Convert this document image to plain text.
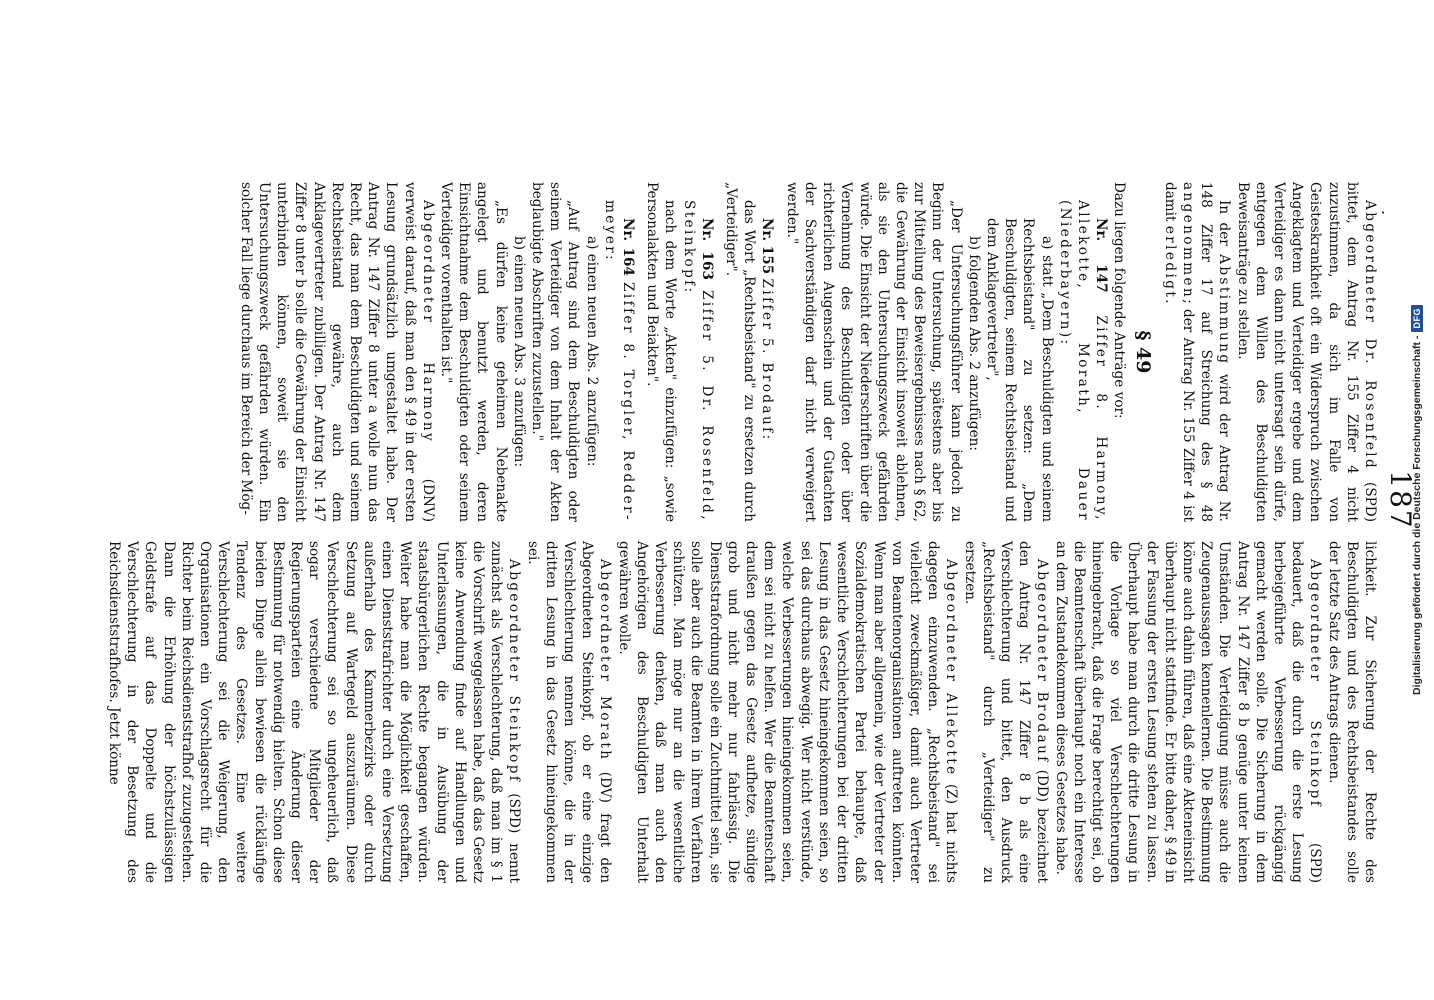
.
187

Abgeordneter Dr. Rosenfeld (SPD) bittet, dem Antrag Nr. 155 Ziffer 4 nicht zuzustimmen, da sich im Falle von Geisteskrankheit oft ein Widerspruch zwischen Angeklagtem und Verteidiger ergebe und dem Verteidiger es dann nicht untersagt sein dürfe, entgegen dem Willen des Beschuldigten Beweisanträge zu stellen.

In der Abstimmung wird der Antrag Nr. 148 Ziffer 17 auf Streichung des § 48 angenommen; der Antrag Nr. 155 Ziffer 4 ist damit erledigt.

§ 49

Dazu liegen folgende Anträge vor:

Nr. 147 Ziffer 8. Harmony, Allekotte, Morath, Dauer (Niederbayern):

a) statt „Dem Beschuldigten und seinem Rechtsbeistand" zu setzen: „Dem Beschuldigten, seinem Rechtsbeistand und dem Anklagevertreter",

b) folgenden Abs. 2 anzufügen:

„Der Untersuchungsführer kann jedoch zu Beginn der Untersuchung, spätestens aber bis zur Mitteilung des Beweisergebnisses nach § 62, die Gewährung der Einsicht insoweit ablehnen, als sie den Untersuchungszweck gefährden würde. Die Einsicht der Niederschriften über die Vernehmung des Beschuldigten oder über richterlichen Augenschein und der Gutachten der Sachverständigen darf nicht verweigert werden."

Nr. 155 Ziffer 5. Brodauf:

das Wort „Rechtsbeistand" zu ersetzen durch „Verteidiger".

Nr. 163 Ziffer 5. Dr. Rosenfeld, Steinkopf:

nach dem Worte „Akten" einzufügen: „sowie Personalakten und Beiakten".

Nr. 164 Ziffer 8. Torgler, Redder-meyer:

a) einen neuen Abs. 2 anzufügen:

„Auf Antrag sind dem Beschuldigten oder seinem Verteidiger von dem Inhalt der Akten beglaubigte Abschriften zuzustellen."

b) einen neuen Abs. 3 anzufügen:

„Es dürfen keine geheimen Nebenakte angelegt und benutzt werden, deren Einsichtnahme dem Beschuldigten oder seinem Verteidiger vorenthalten ist."

Abgeordneter Harmony (DNV) verweist darauf, daß man den § 49 in der ersten Lesung grundsätzlich umgestaltet habe. Der Antrag Nr. 147 Ziffer 8 unter a wolle nun das Recht, das man dem Beschuldigten und seinem Rechtsbeistand gewähre, auch dem Anklagevertreter zubilligen. Der Antrag Nr. 147 Ziffer 8 unter b solle die Gewährung der Einsicht unterbinden können, soweit sie den Untersuchungszweck gefährden würden. Ein solcher Fall liege durchaus im Bereich der Mög-

lichkeit. Zur Sicherung der Rechte des Beschuldigten und des Rechtsbeistandes solle der letzte Satz des Antrags dienen.

Abgeordneter Steinkopf (SPD) bedauert, daß die durch die erste Lesung herbeigeführte Verbesserung rückgängig gemacht werden solle. Die Sicherung in dem Antrag Nr. 147 Ziffer 8 b genüge unter keinen Umständen. Die Verteidigung müsse auch die Zeugenaussagen kennenlernen. Die Bestimmung könne auch dahin führen, daß eine Akteneinsicht überhaupt nicht stattfinde. Er bitte daher, § 49 in der Fassung der ersten Lesung stehen zu lassen. Überhaupt habe man durch die dritte Lesung in die Vorlage so viel Verschlechterungen hineingebracht, daß die Frage berechtigt sei, ob die Beamtenschaft überhaupt noch ein Interesse an dem Zustandekommen dieses Gesetzes habe.

Abgeordneter Brodauf (DD) bezeichnet den Antrag Nr. 147 Ziffer 8 b als eine Verschlechterung und bittet, den Ausdruck „Rechtsbeistand" durch „Verteidiger" zu ersetzen.

Abgeordneter Allekotte (Z) hat nichts dagegen einzuwenden. „Rechtsbeistand" sei vielleicht zweckmäßiger, damit auch Vertreter von Beamtenorganisationen auftreten könnten. Wenn man aber allgemein, wie der Vertreter der Sozialdemokratischen Partei behaupte, daß wesentliche Verschlechterungen bei der dritten Lesung in das Gesetz hineingekommen seien, so sei das durchaus abwegig. Wer nicht verstünde, welche Verbesserungen hineingekommen seien, dem sei nicht zu helfen. Wer die Beamtenschaft draußen gegen das Gesetz aufhetze, sündige grob und nicht mehr nur fahrlässig. Die Dienststrafordnung solle ein Zuchtmittel sein, sie solle aber auch die Beamten in ihrem Verfahren schützen. Man möge nur an die wesentliche Verbesserung denken, daß man auch den Angehörigen des Beschuldigten Unterhalt gewähren wolle.

Abgeordneter Morath (DV) fragt den Abgeordneten Steinkopf, ob er eine einzige Verschlechterung nennen könne, die in der dritten Lesung in das Gesetz hineingekommen sei.

Abgeordneter Steinkopf (SPD) nennt zunächst als Verschlechterung, daß man im § 1 die Vorschrift weggelassen habe, daß das Gesetz keine Anwendung finde auf Handlungen und Unterlassungen, die in Ausübung der staatsbürgerlichen Rechte begangen würden. Weiter habe man die Möglichkeit geschaffen, einen Dienststrafrichter durch eine Versetzung außerhalb des Kammerbezirks oder durch Setzung auf Wartegeld auszuräumen. Diese Verschlechterung sei so ungeheuerlich, daß sogar verschiedene Mitglieder der Regierungsparteien eine Änderung dieser Bestimmung für notwendig hielten. Schon diese beiden Dinge allein bewiesen die rückläufige Tendenz des Gesetzes. Eine weitere Verschlechterung sei die Weigerung, den Organisationen ein Vorschlagsrecht für die Richter beim Reichsdienststrafhof zuzugestehen. Dann die Erhöhung der höchstzulässigen Geldstrafe auf das Doppelte und die Verschlechterung in der Besetzung des Reichsdienststrafhofes. Jetzt könne	Digitalisierung gefördert durch die Deutsche Forschungsgemeinschaft -
DFG
